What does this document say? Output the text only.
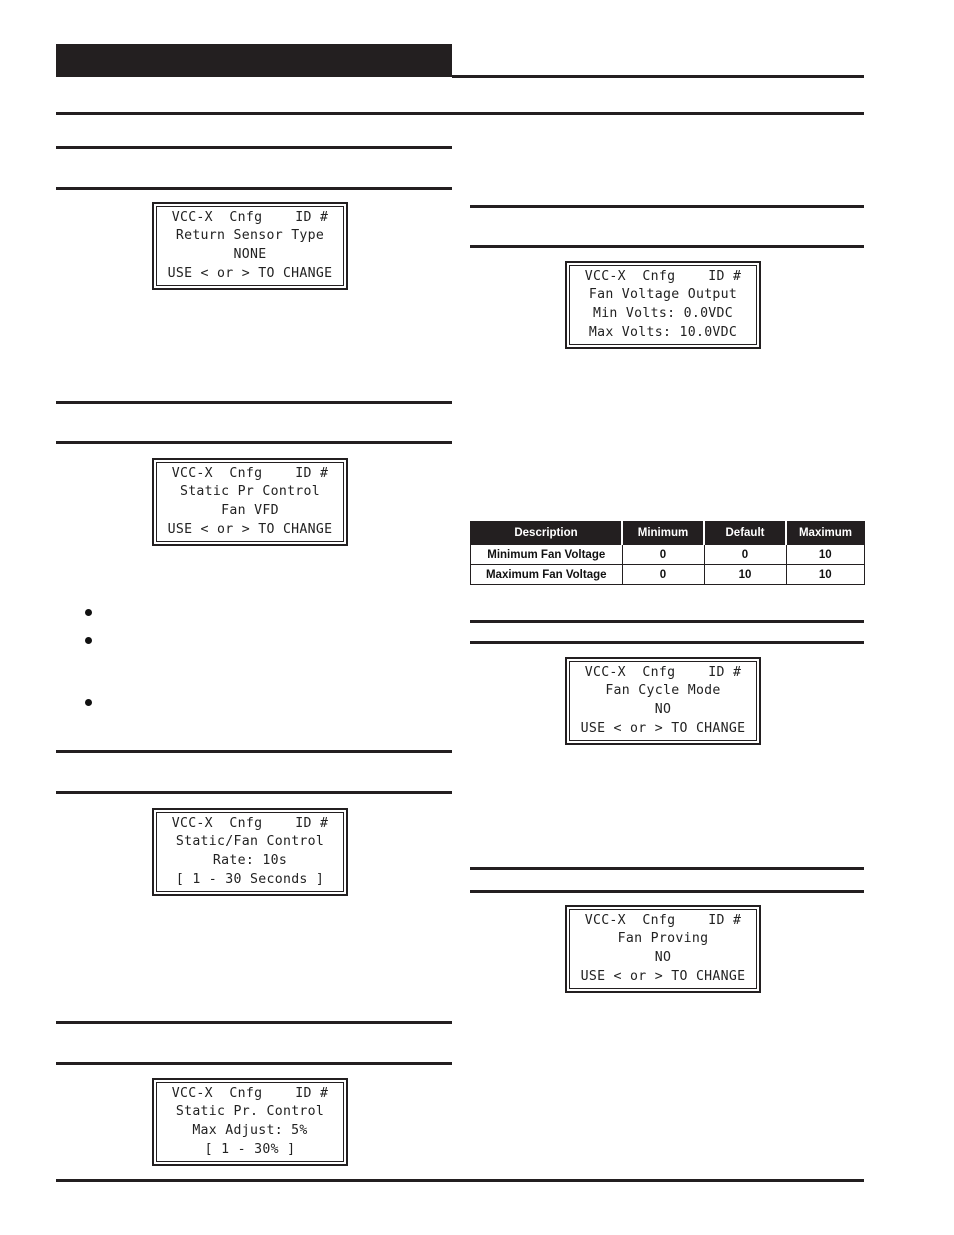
VCC-X  Cnfg    ID #
Return Sensor Type
NONE
USE < or > TO CHANGE
VCC-X  Cnfg    ID #
Static Pr Control
Fan VFD
USE < or > TO CHANGE
VCC-X  Cnfg    ID #
Static/Fan Control
Rate: 10s
[ 1 - 30 Seconds ]
VCC-X  Cnfg    ID #
Static Pr. Control
Max Adjust: 5%
[ 1 - 30% ]
VCC-X  Cnfg    ID #
Fan Voltage Output
Min Volts: 0.0VDC
Max Volts: 10.0VDC
Description	Minimum	Default	Maximum
Minimum Fan Voltage	0	0	10
Maximum Fan Voltage	0	10	10
VCC-X  Cnfg    ID #
Fan Cycle Mode
NO
USE < or > TO CHANGE
VCC-X  Cnfg    ID #
Fan Proving
NO
USE < or > TO CHANGE
